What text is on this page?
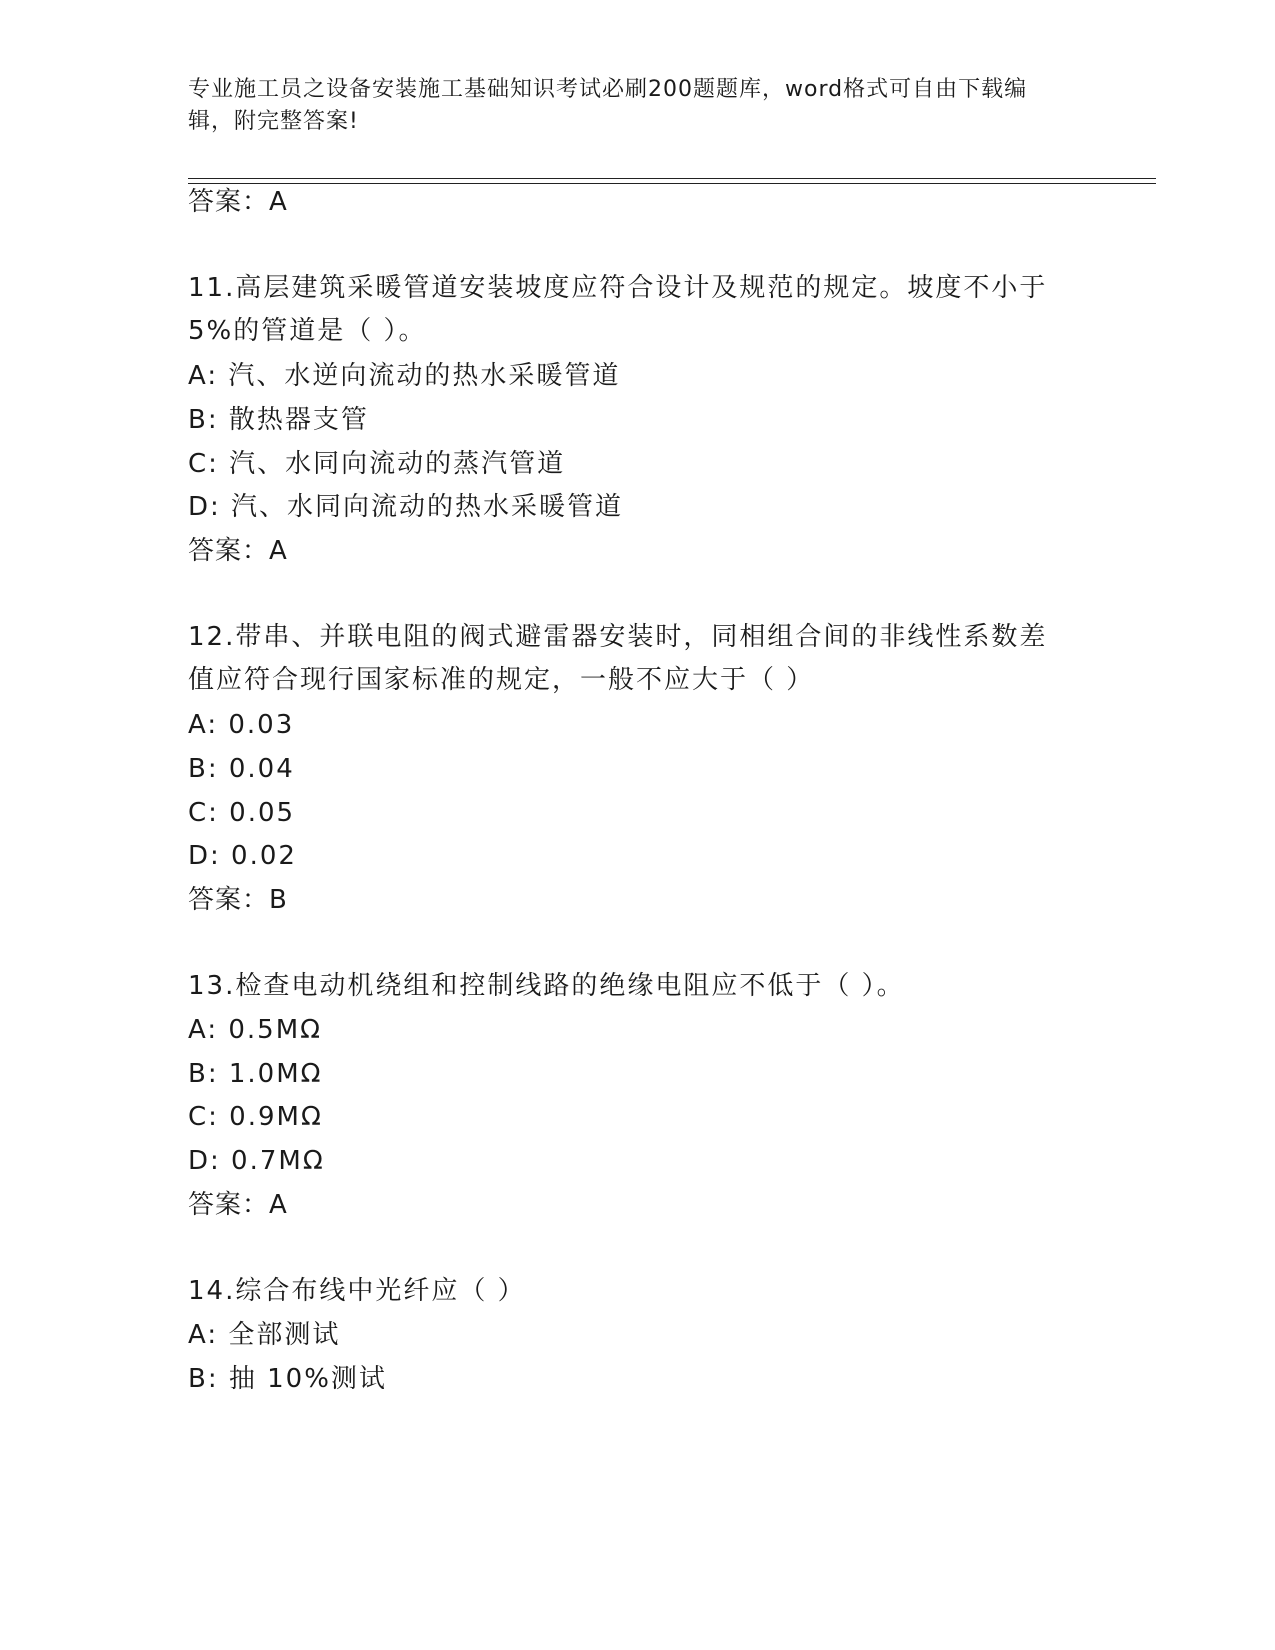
专业施工员之设备安装施工基础知识考试必刷200题题库，word格式可自由下载编辑，附完整答案!
答案：A
11.高层建筑采暖管道安装坡度应符合设计及规范的规定。坡度不小于
5%的管道是（ ）。
A: 汽、水逆向流动的热水采暖管道
B: 散热器支管
C: 汽、水同向流动的蒸汽管道
D: 汽、水同向流动的热水采暖管道
答案：A
12.带串、并联电阻的阀式避雷器安装时，同相组合间的非线性系数差
值应符合现行国家标准的规定，一般不应大于（ ）
A: 0.03
B: 0.04
C: 0.05
D: 0.02
答案：B
13.检查电动机绕组和控制线路的绝缘电阻应不低于（ ）。
A: 0.5MΩ
B: 1.0MΩ
C: 0.9MΩ
D: 0.7MΩ
答案：A
14.综合布线中光纤应（ ）
A: 全部测试
B: 抽 10%测试
